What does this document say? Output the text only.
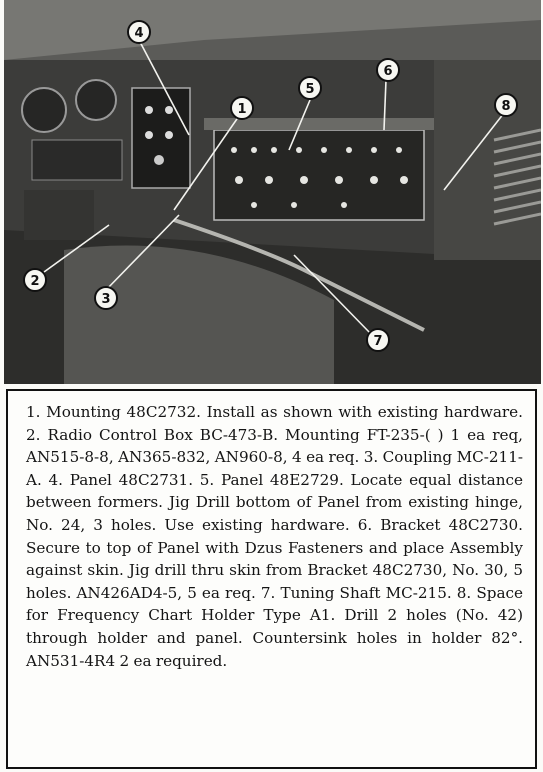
4
1
2
3
5
6
8
7

1. Mounting 48C2732. Install as shown with existing hardware. 2. Radio Control Box BC-473-B. Mounting FT-235-( ) 1 ea req, AN515-8-8, AN365-832, AN960-8, 4 ea req. 3. Coupling MC-211-A. 4. Panel 48C2731. 5. Panel 48E2729. Locate equal distance between formers. Jig Drill bottom of Panel from existing hinge, No. 24, 3 holes. Use existing hardware. 6. Bracket 48C2730. Secure to top of Panel with Dzus Fasteners and place Assembly against skin. Jig drill thru skin from Bracket 48C2730, No. 30, 5 holes. AN426AD4-5, 5 ea req. 7. Tuning Shaft MC-215. 8. Space for Frequency Chart Holder Type A1. Drill 2 holes (No. 42) through holder and panel. Countersink holes in holder 82°. AN531-4R4 2 ea required.
